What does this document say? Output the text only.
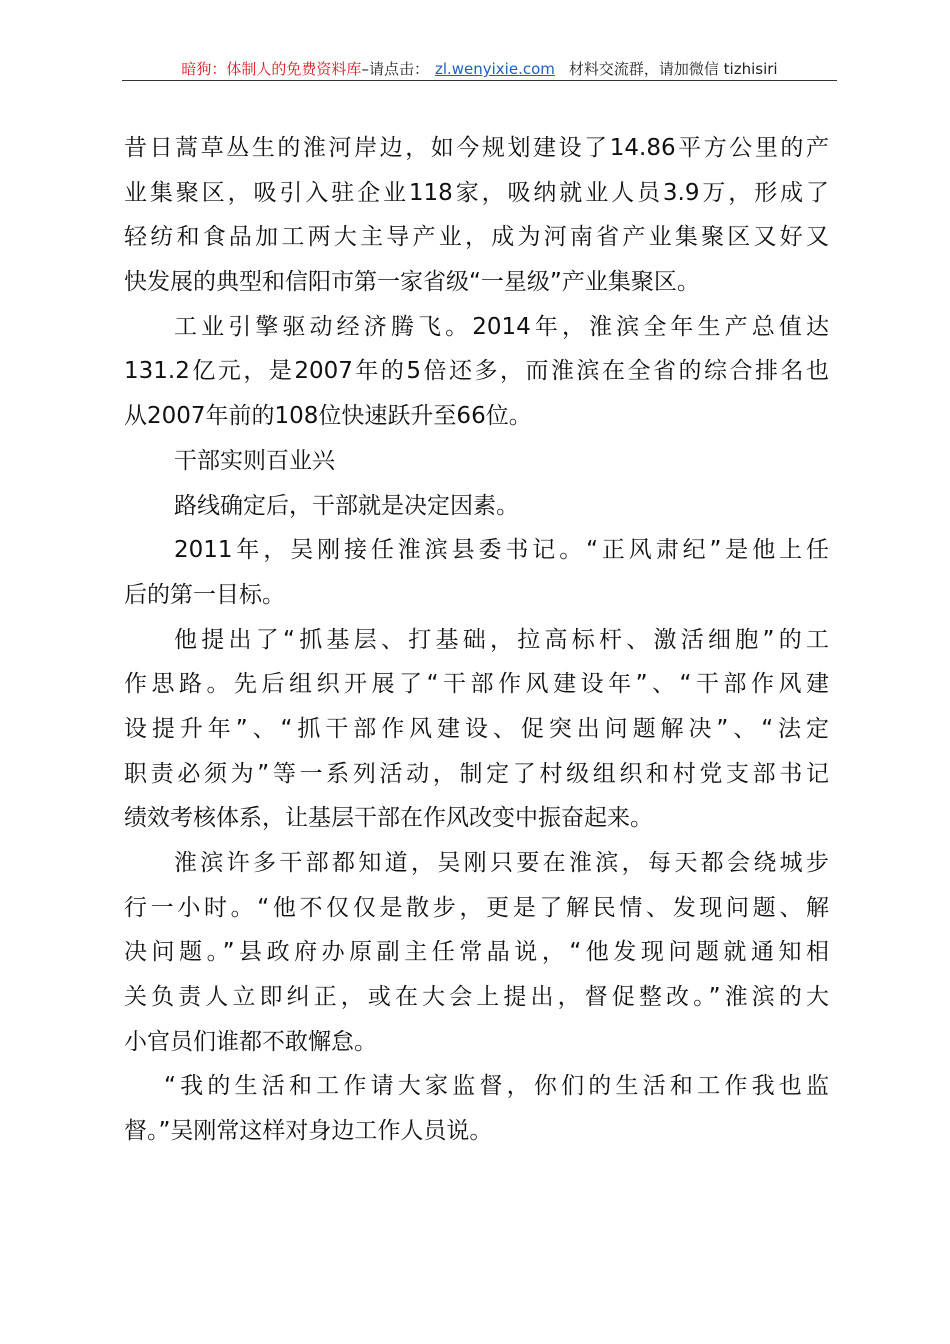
暗狗：体制人的免费资料库–请点击： zl.wenyixie.com 材料交流群，请加微信 tizhisiri
昔日蒿草丛生的淮河岸边，如今规划建设了14.86平方公里的产
业集聚区，吸引入驻企业118家，吸纳就业人员3.9万，形成了
轻纺和食品加工两大主导产业，成为河南省产业集聚区又好又
快发展的典型和信阳市第一家省级“一星级”产业集聚区。
工业引擎驱动经济腾飞。2014年，淮滨全年生产总值达
131.2亿元，是2007年的5倍还多，而淮滨在全省的综合排名也
从2007年前的108位快速跃升至66位。
干部实则百业兴
路线确定后，干部就是决定因素。
2011年，吴刚接任淮滨县委书记。“正风肃纪”是他上任
后的第一目标。
他提出了“抓基层、打基础，拉高标杆、激活细胞”的工
作思路。先后组织开展了“干部作风建设年”、“干部作风建
设提升年”、“抓干部作风建设、促突出问题解决”、“法定
职责必须为”等一系列活动，制定了村级组织和村党支部书记
绩效考核体系，让基层干部在作风改变中振奋起来。
淮滨许多干部都知道，吴刚只要在淮滨，每天都会绕城步
行一小时。“他不仅仅是散步，更是了解民情、发现问题、解
决问题。”县政府办原副主任常晶说，“他发现问题就通知相
关负责人立即纠正，或在大会上提出，督促整改。”淮滨的大
小官员们谁都不敢懈怠。
“我的生活和工作请大家监督，你们的生活和工作我也监
督。”吴刚常这样对身边工作人员说。
